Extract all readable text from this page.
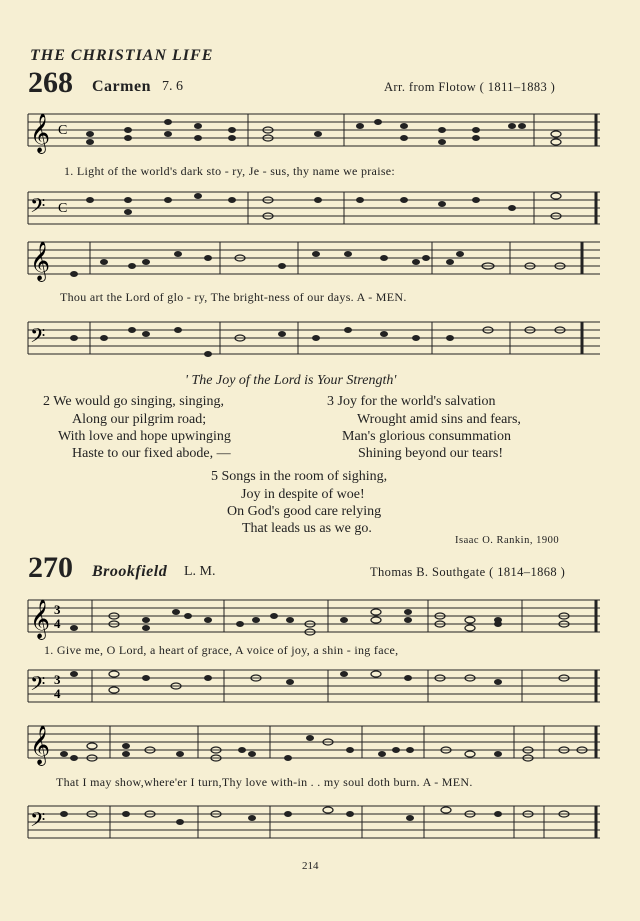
THE CHRISTIAN LIFE
268 Carmen 7. 6	Arr. from Flotow ( 1811–1883 )
𝄞 C
1. Light of the world's dark sto - ry, Je - sus, thy name we praise:
𝄢 C
𝄞
Thou art the Lord of glo - ry, The bright-ness of our days. A - MEN.
𝄢
' The Joy of the Lord is Your Strength'
2 We would go singing, singing,
Along our pilgrim road;
With love and hope upwinging
Haste to our fixed abode, —
3 Joy for the world's salvation
Wrought amid sins and fears,
Man's glorious consummation
Shining beyond our tears!
5 Songs in the room of sighing,
Joy in despite of woe!
On God's good care relying
That leads us as we go.
Isaac O. Rankin, 1900
270 Brookfield L. M.	Thomas B. Southgate ( 1814–1868 )
𝄞 3
4
1. Give me, O Lord, a heart of grace, A voice of joy, a shin - ing face,
𝄢 3
4
𝄞
That I may show,where'er I turn,Thy love with-in . . my soul doth burn. A - MEN.
𝄢
214
